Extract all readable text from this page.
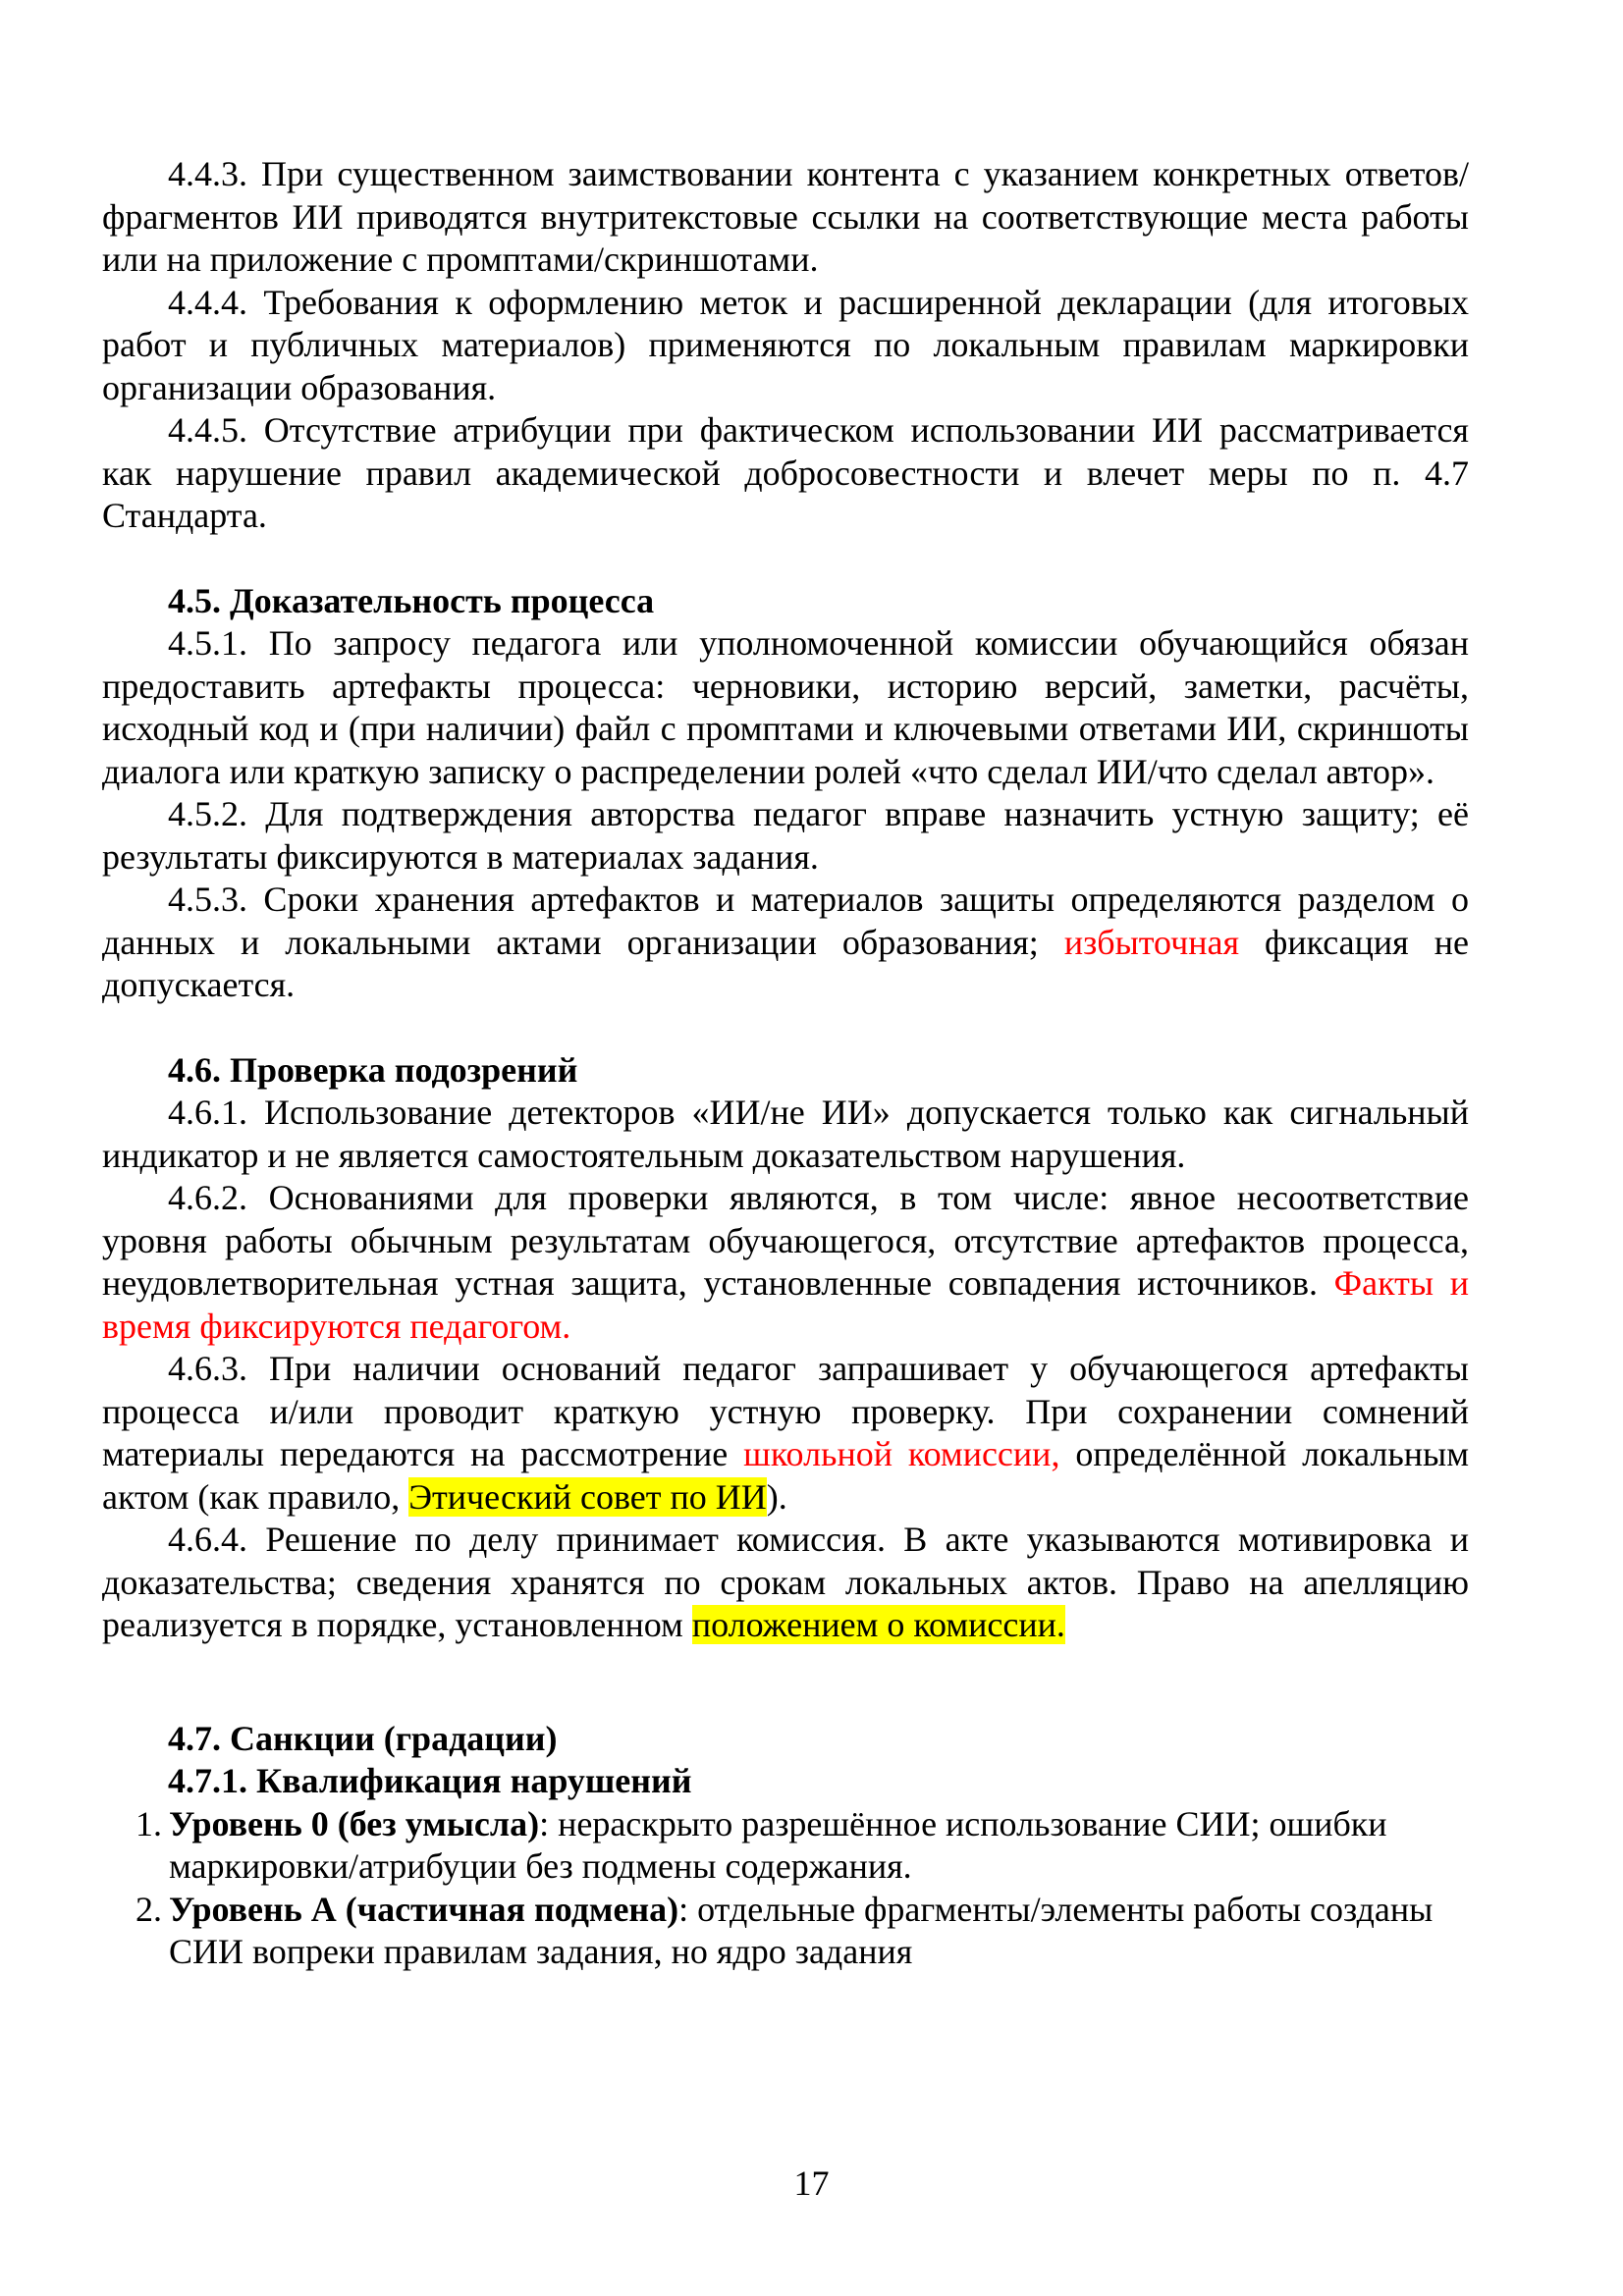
4.4.3. При существенном заимствовании контента с указанием конкретных ответов/фрагментов ИИ приводятся внутритекстовые ссылки на соответствующие места работы или на приложение с промптами/скриншотами.

4.4.4. Требования к оформлению меток и расширенной декларации (для итоговых работ и публичных материалов) применяются по локальным правилам маркировки организации образования.

4.4.5. Отсутствие атрибуции при фактическом использовании ИИ рассматривается как нарушение правил академической добросовестности и влечет меры по п. 4.7 Стандарта.

4.5. Доказательность процесса

4.5.1. По запросу педагога или уполномоченной комиссии обучающийся обязан предоставить артефакты процесса: черновики, историю версий, заметки, расчёты, исходный код и (при наличии) файл с промптами и ключевыми ответами ИИ, скриншоты диалога или краткую записку о распределении ролей «что сделал ИИ/что сделал автор».

4.5.2. Для подтверждения авторства педагог вправе назначить устную защиту; её результаты фиксируются в материалах задания.

4.5.3. Сроки хранения артефактов и материалов защиты определяются разделом о данных и локальными актами организации образования; избыточная фиксация не допускается.

4.6. Проверка подозрений

4.6.1. Использование детекторов «ИИ/не ИИ» допускается только как сигнальный индикатор и не является самостоятельным доказательством нарушения.

4.6.2. Основаниями для проверки являются, в том числе: явное несоответствие уровня работы обычным результатам обучающегося, отсутствие артефактов процесса, неудовлетворительная устная защита, установленные совпадения источников. Факты и время фиксируются педагогом.

4.6.3. При наличии оснований педагог запрашивает у обучающегося артефакты процесса и/или проводит краткую устную проверку. При сохранении сомнений материалы передаются на рассмотрение школьной комиссии, определённой локальным актом (как правило, Этический совет по ИИ).

4.6.4. Решение по делу принимает комиссия. В акте указываются мотивировка и доказательства; сведения хранятся по срокам локальных актов. Право на апелляцию реализуется в порядке, установленном положением о комиссии.

4.7. Санкции (градации)

4.7.1. Квалификация нарушений

1. Уровень 0 (без умысла): нераскрыто разрешённое использование СИИ; ошибки маркировки/атрибуции без подмены содержания.
2. Уровень А (частичная подмена): отдельные фрагменты/элементы работы созданы СИИ вопреки правилам задания, но ядро задания
17
